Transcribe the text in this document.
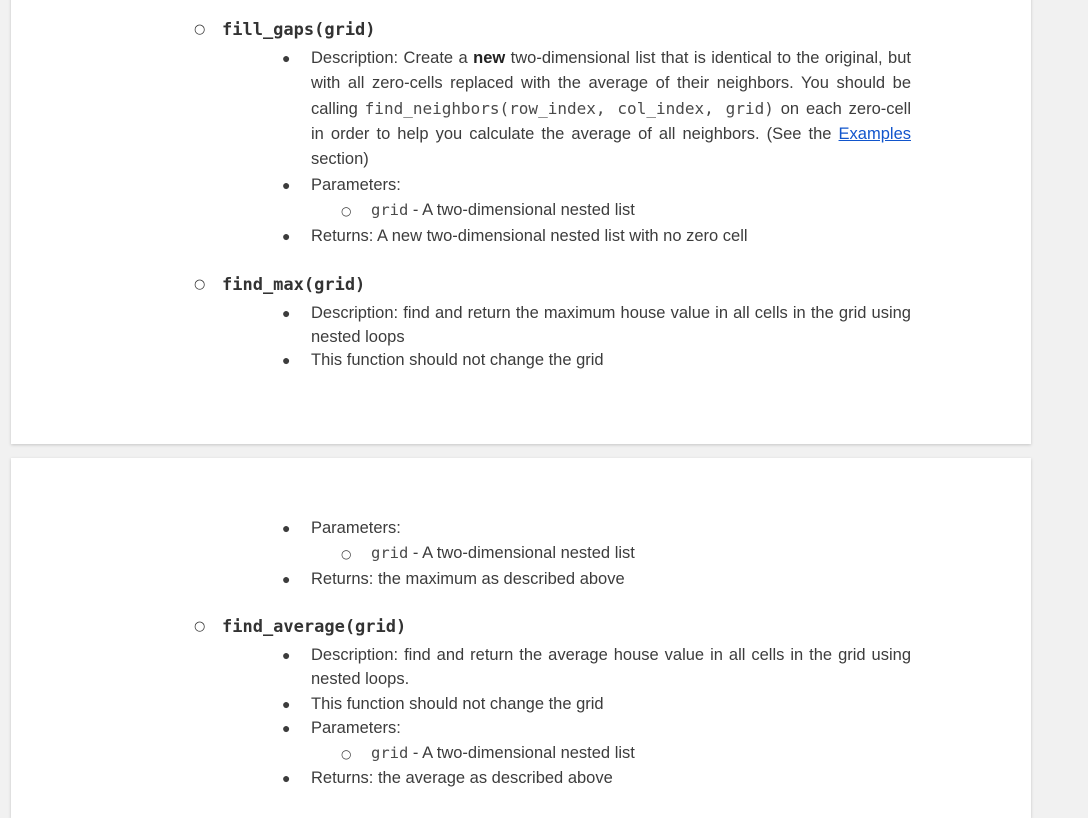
○ fill_gaps(grid)
● Description: Create a new two-dimensional list that is identical to the original, but with all zero-cells replaced with the average of their neighbors. You should be calling find_neighbors(row_index, col_index, grid) on each zero-cell in order to help you calculate the average of all neighbors. (See the Examples section)
● Parameters:
○ grid - A two-dimensional nested list
● Returns: A new two-dimensional nested list with no zero cell
○ find_max(grid)
● Description: find and return the maximum house value in all cells in the grid using nested loops
● This function should not change the grid
● Parameters:
○ grid - A two-dimensional nested list
● Returns: the maximum as described above
○ find_average(grid)
● Description: find and return the average house value in all cells in the grid using nested loops.
● This function should not change the grid
● Parameters:
○ grid - A two-dimensional nested list
● Returns: the average as described above
